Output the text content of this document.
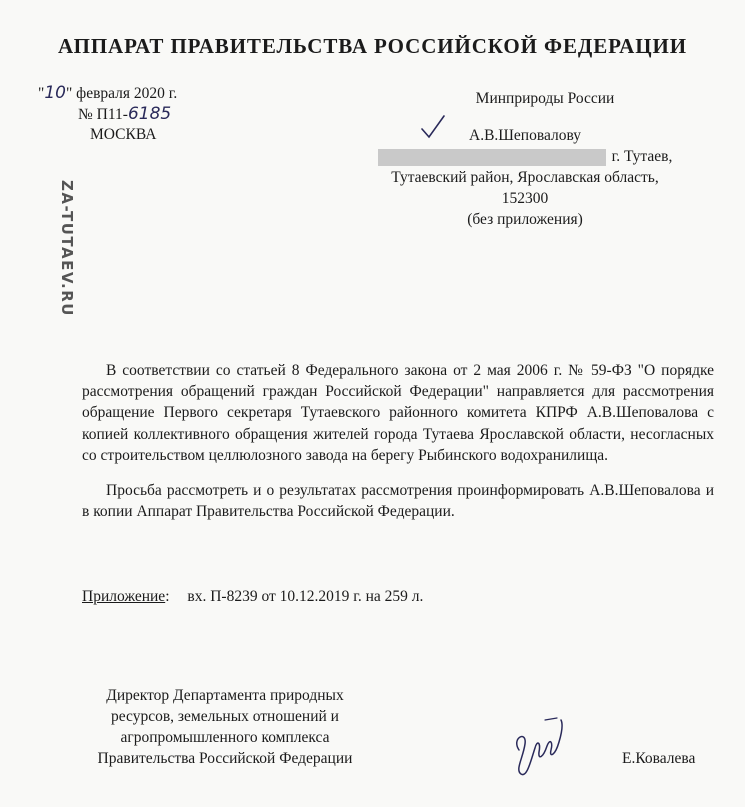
АППАРАТ ПРАВИТЕЛЬСТВА РОССИЙСКОЙ ФЕДЕРАЦИИ
"10" февраля 2020 г.
№ П11-6185
МОСКВА
Минприроды России
А.В.Шеповалову
г. Тутаев,
Тутаевский район, Ярославская область,
152300
(без приложения)
ZA-TUTAEV.RU

В соответствии со статьей 8 Федерального закона от 2 мая 2006 г. № 59-ФЗ "О порядке рассмотрения обращений граждан Российской Федерации" направляется для рассмотрения обращение Первого секретаря Тутаевского районного комитета КПРФ А.В.Шеповалова с копией коллективного обращения жителей города Тутаева Ярославской области, несогласных со строительством целлюлозного завода на берегу Рыбинского водохранилища.

Просьба рассмотреть и о результатах рассмотрения проинформировать А.В.Шеповалова и в копии Аппарат Правительства Российской Федерации.

Приложение: вх. П-8239 от 10.12.2019 г. на 259 л.
Директор Департамента природных
ресурсов, земельных отношений и
агропромышленного комплекса
Правительства Российской Федерации	Е.Ковалева
